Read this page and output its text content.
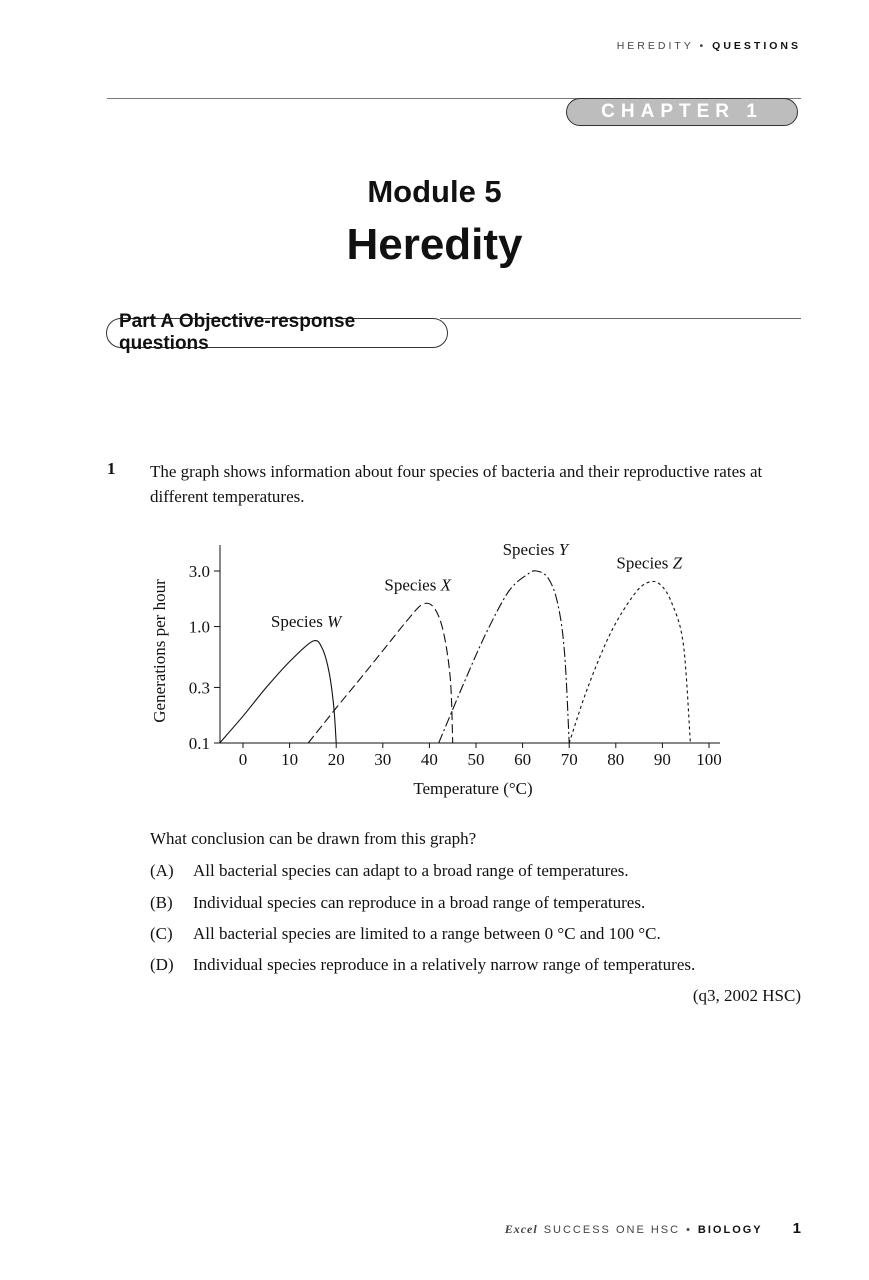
HEREDITY • QUESTIONS
CHAPTER 1
Module 5
Heredity
Part A Objective-response questions
1 The graph shows information about four species of bacteria and their reproductive rates at different temperatures.
0 10 20 30 40 50 60 70 80 90 100
0.1
0.3
1.0
3.0
Species W
Species X
Species Y
Species Z
Temperature (°C)
Generations per hour
What conclusion can be drawn from this graph?
(A) All bacterial species can adapt to a broad range of temperatures.
(B) Individual species can reproduce in a broad range of temperatures.
(C) All bacterial species are limited to a range between 0 °C and 100 °C.
(D) Individual species reproduce in a relatively narrow range of temperatures.
(q3, 2002 HSC)
Excel SUCCESS ONE HSC • BIOLOGY 1
